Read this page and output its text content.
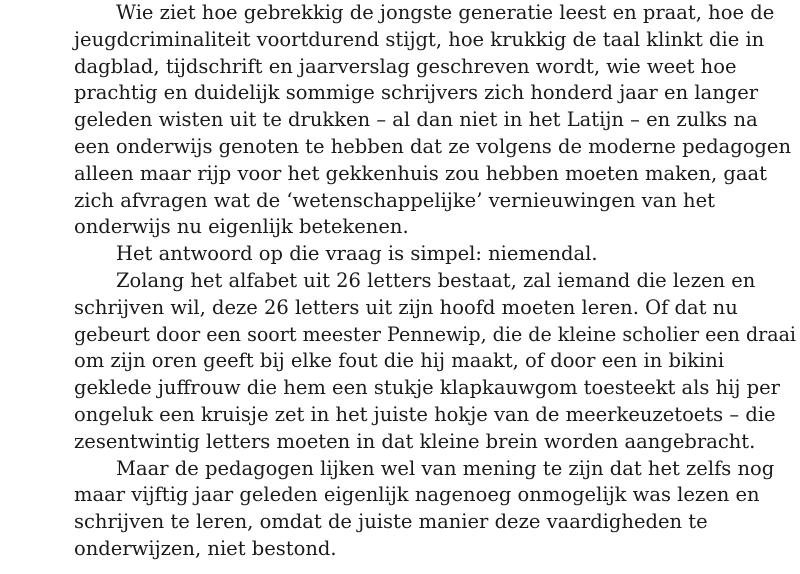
Wie ziet hoe gebrekkig de jongste generatie leest en praat, hoe de
jeugdcriminaliteit voortdurend stijgt, hoe krukkig de taal klinkt die in
dagblad, tijdschrift en jaarverslag geschreven wordt, wie weet hoe
prachtig en duidelijk sommige schrijvers zich honderd jaar en langer
geleden wisten uit te drukken – al dan niet in het Latijn – en zulks na
een onderwijs genoten te hebben dat ze volgens de moderne pedagogen
alleen maar rijp voor het gekkenhuis zou hebben moeten maken, gaat
zich afvragen wat de ‘wetenschappelijke’ vernieuwingen van het
onderwijs nu eigenlijk betekenen.

Het antwoord op die vraag is simpel: niemendal.

Zolang het alfabet uit 26 letters bestaat, zal iemand die lezen en
schrijven wil, deze 26 letters uit zijn hoofd moeten leren. Of dat nu
gebeurt door een soort meester Pennewip, die de kleine scholier een draai
om zijn oren geeft bij elke fout die hij maakt, of door een in bikini
geklede juffrouw die hem een stukje klapkauwgom toesteekt als hij per
ongeluk een kruisje zet in het juiste hokje van de meerkeuzetoets – die
zesentwintig letters moeten in dat kleine brein worden aangebracht.

Maar de pedagogen lijken wel van mening te zijn dat het zelfs nog
maar vijftig jaar geleden eigenlijk nagenoeg onmogelijk was lezen en
schrijven te leren, omdat de juiste manier deze vaardigheden te
onderwijzen, niet bestond.
